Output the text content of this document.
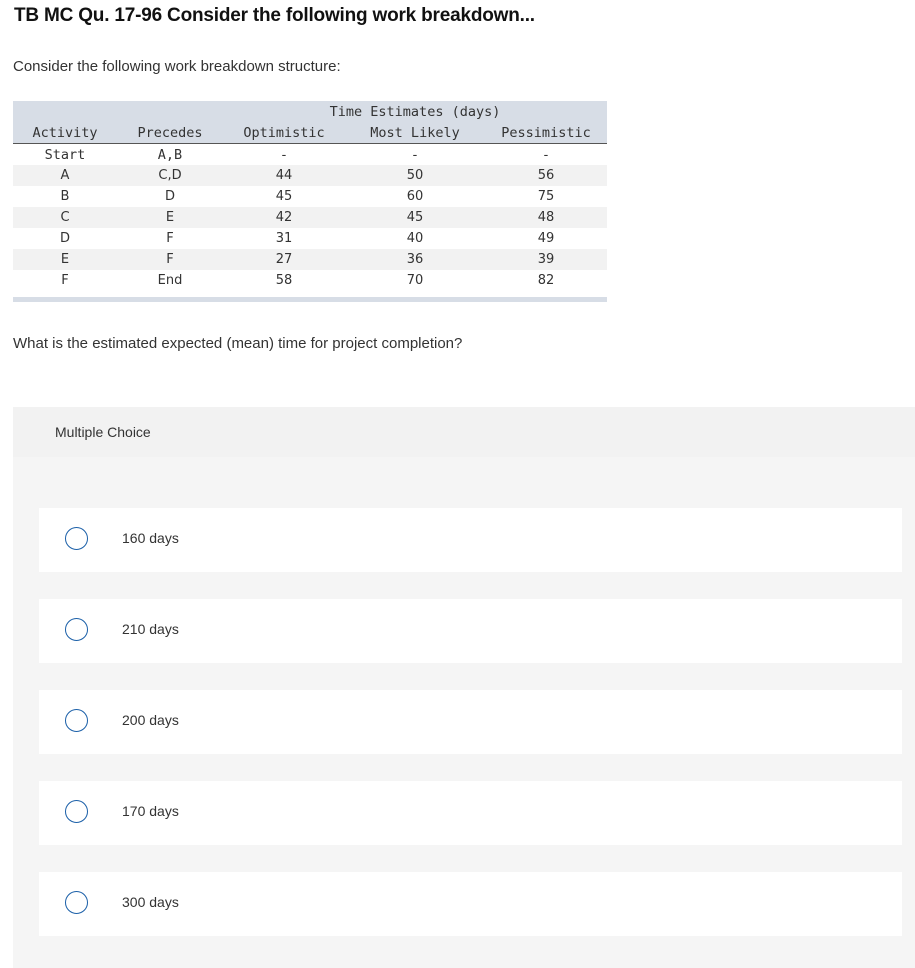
TB MC Qu. 17-96 Consider the following work breakdown...

Consider the following work breakdown structure:

		Time Estimates (days)		
Activity	Precedes	Optimistic	Most Likely	Pessimistic
Start	A,B	-	-	-
A	C,D	44	50	56
B	D	45	60	75
C	E	42	45	48
D	F	31	40	49
E	F	27	36	39
F	End	58	70	82

What is the estimated expected (mean) time for project completion?

Multiple Choice
160 days
210 days
200 days
170 days
300 days
